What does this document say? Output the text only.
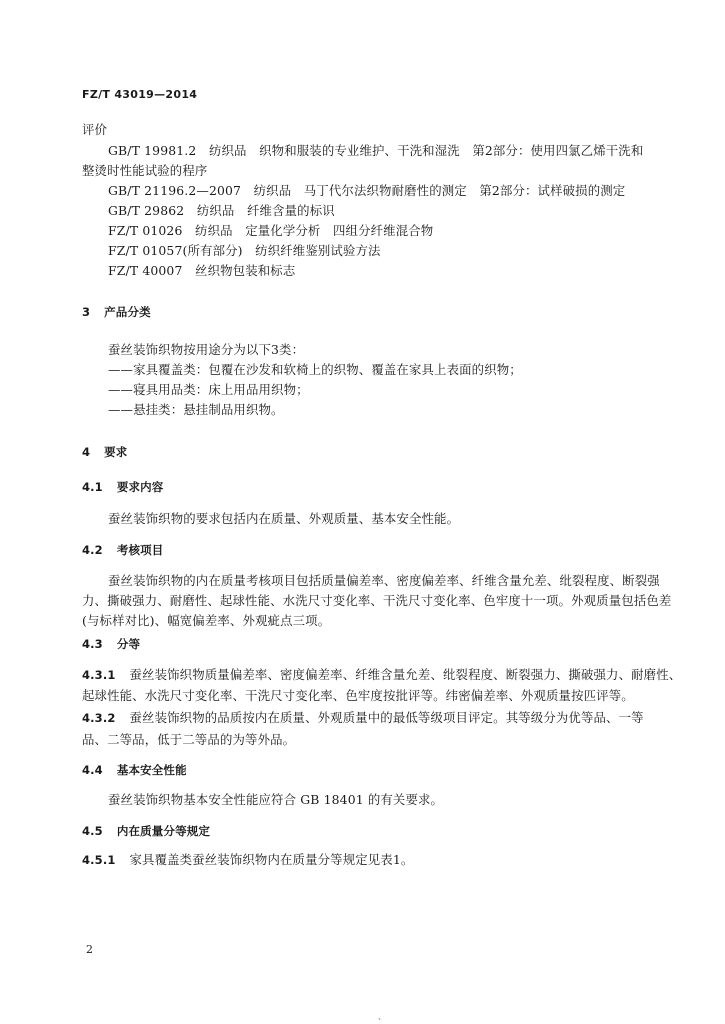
FZ/T 43019—2014
评价
GB/T 19981.2　纺织品　织物和服装的专业维护、干洗和湿洗　第2部分：使用四氯乙烯干洗和
整烫时性能试验的程序
GB/T 21196.2—2007　纺织品　马丁代尔法织物耐磨性的测定　第2部分：试样破损的测定
GB/T 29862　纺织品　纤维含量的标识
FZ/T 01026　纺织品　定量化学分析　四组分纤维混合物
FZ/T 01057(所有部分)　纺织纤维鉴别试验方法
FZ/T 40007　丝织物包装和标志
3 产品分类
蚕丝装饰织物按用途分为以下3类：
——家具覆盖类：包覆在沙发和软椅上的织物、覆盖在家具上表面的织物；
——寝具用品类：床上用品用织物；
——悬挂类：悬挂制品用织物。
4 要求
4.1 要求内容
蚕丝装饰织物的要求包括内在质量、外观质量、基本安全性能。
4.2 考核项目
蚕丝装饰织物的内在质量考核项目包括质量偏差率、密度偏差率、纤维含量允差、纰裂程度、断裂强
力、撕破强力、耐磨性、起球性能、水洗尺寸变化率、干洗尺寸变化率、色牢度十一项。外观质量包括色差
(与标样对比)、幅宽偏差率、外观疵点三项。
4.3 分等
4.3.1 蚕丝装饰织物质量偏差率、密度偏差率、纤维含量允差、纰裂程度、断裂强力、撕破强力、耐磨性、
起球性能、水洗尺寸变化率、干洗尺寸变化率、色牢度按批评等。纬密偏差率、外观质量按匹评等。
4.3.2 蚕丝装饰织物的品质按内在质量、外观质量中的最低等级项目评定。其等级分为优等品、一等
品、二等品，低于二等品的为等外品。
4.4 基本安全性能
蚕丝装饰织物基本安全性能应符合 GB 18401 的有关要求。
4.5 内在质量分等规定
4.5.1 家具覆盖类蚕丝装饰织物内在质量分等规定见表1。
2
、
